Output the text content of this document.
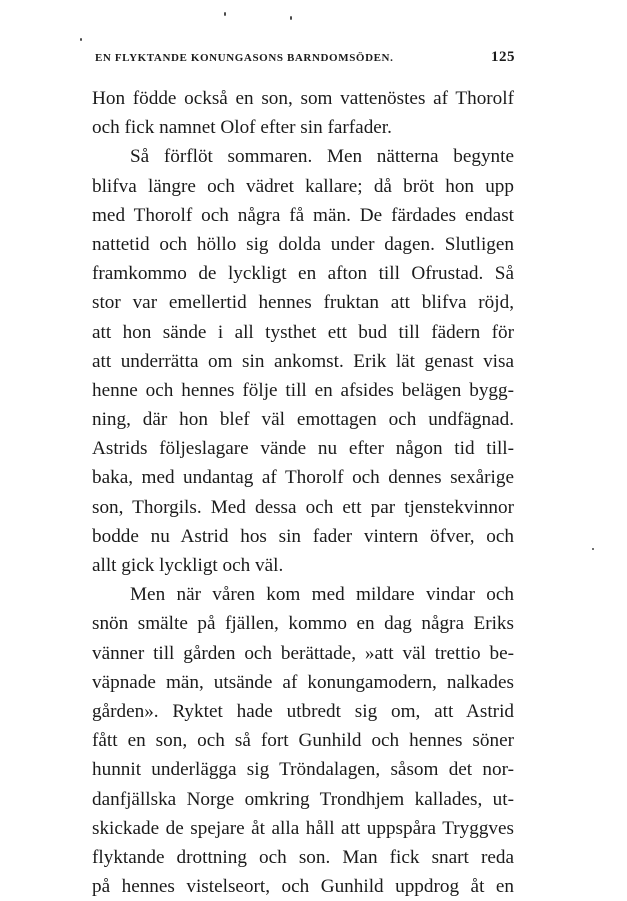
EN FLYKTANDE KONUNGASONS BARNDOMSÖDEN.	125
Hon födde också en son, som vattenöstes af Thorolf
och fick namnet Olof efter sin farfader.
Så förflöt sommaren. Men nätterna begynte
blifva längre och vädret kallare; då bröt hon upp
med Thorolf och några få män. De färdades endast
nattetid och höllo sig dolda under dagen. Slutligen
framkommo de lyckligt en afton till Ofrustad. Så
stor var emellertid hennes fruktan att blifva röjd,
att hon sände i all tysthet ett bud till fädern för
att underrätta om sin ankomst. Erik lät genast visa
henne och hennes följe till en afsides belägen bygg-
ning, där hon blef väl emottagen och undfägnad.
Astrids följeslagare vände nu efter någon tid till-
baka, med undantag af Thorolf och dennes sexårige
son, Thorgils. Med dessa och ett par tjenstekvinnor
bodde nu Astrid hos sin fader vintern öfver, och
allt gick lyckligt och väl.
Men när våren kom med mildare vindar och
snön smälte på fjällen, kommo en dag några Eriks
vänner till gården och berättade, »att väl trettio be-
väpnade män, utsände af konungamodern, nalkades
gården». Ryktet hade utbredt sig om, att Astrid
fått en son, och så fort Gunhild och hennes söner
hunnit underlägga sig Tröndalagen, såsom det nor-
danfjällska Norge omkring Trondhjem kallades, ut-
skickade de spejare åt alla håll att uppspåra Tryggves
flyktande drottning och son. Man fick snart reda
på hennes vistelseort, och Gunhild uppdrog åt en
